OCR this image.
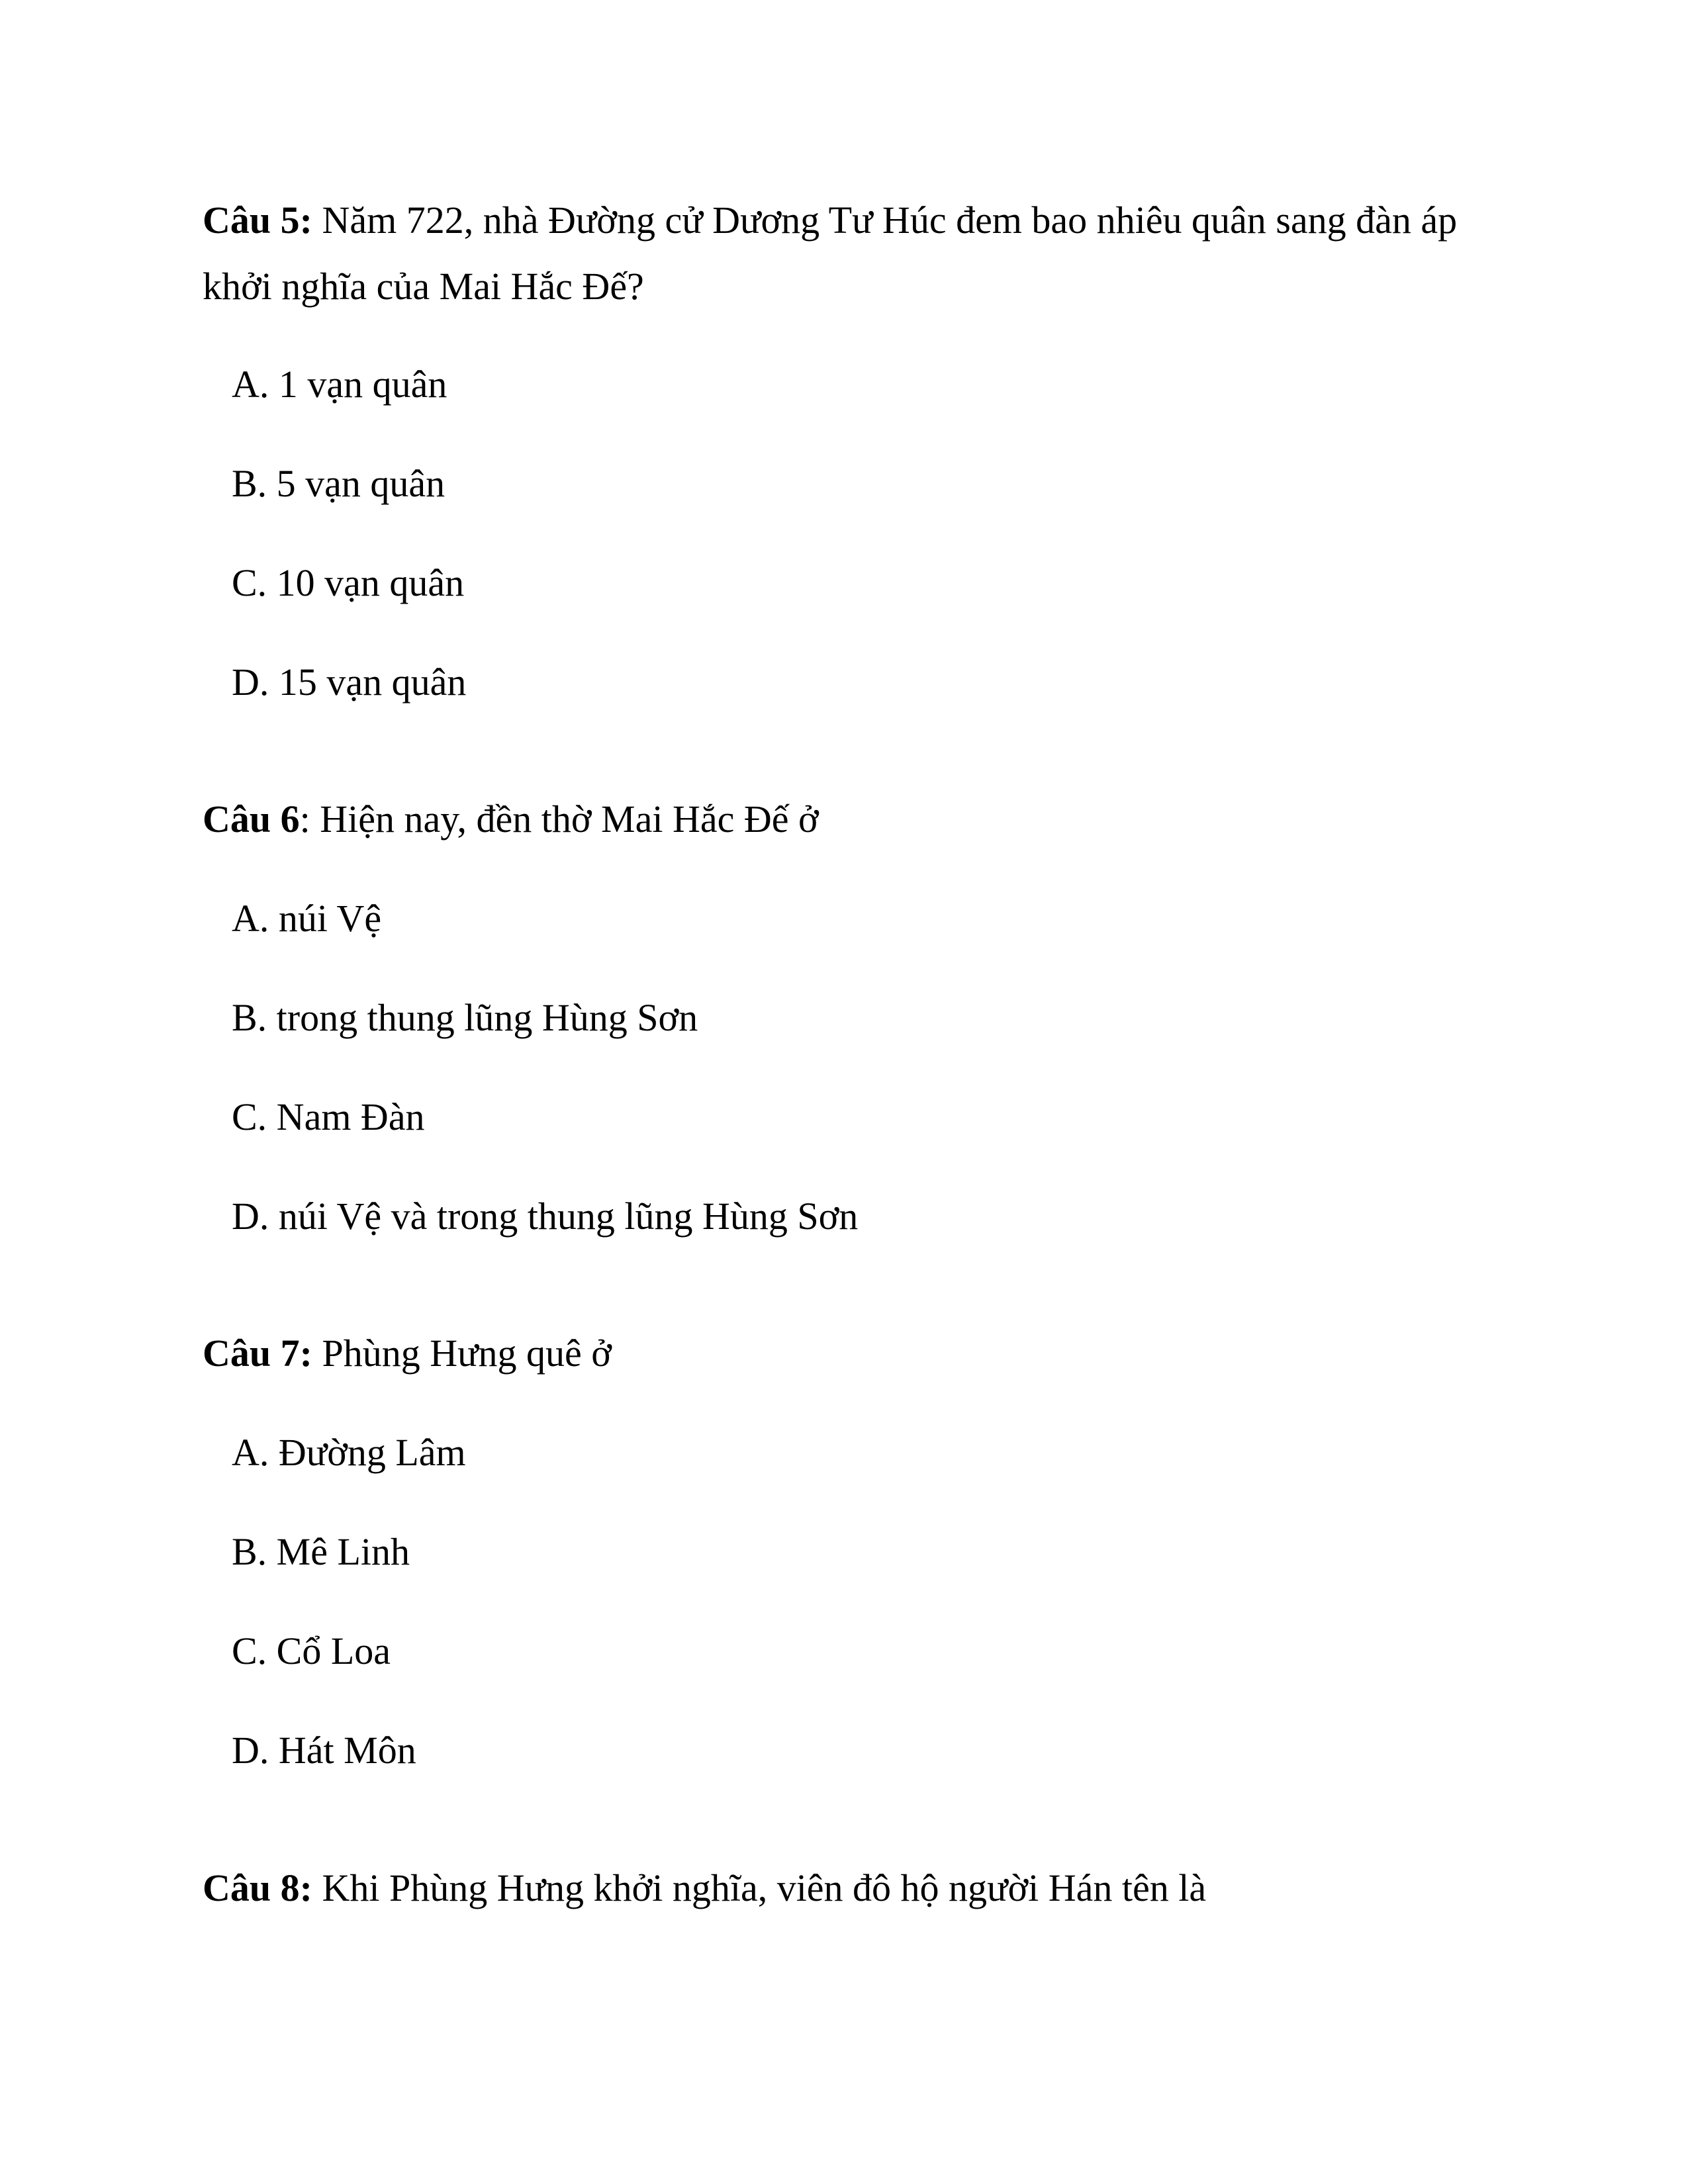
Câu 5: Năm 722, nhà Đường cử Dương Tư Húc đem bao nhiêu quân sang đàn áp

khởi nghĩa của Mai Hắc Đế?

A. 1 vạn quân

B. 5 vạn quân

C. 10 vạn quân

D. 15 vạn quân

Câu 6: Hiện nay, đền thờ Mai Hắc Đế ở

A. núi Vệ

B. trong thung lũng Hùng Sơn

C. Nam Đàn

D. núi Vệ và trong thung lũng Hùng Sơn

Câu 7: Phùng Hưng quê ở

A. Đường Lâm

B. Mê Linh

C. Cổ Loa

D. Hát Môn

Câu 8: Khi Phùng Hưng khởi nghĩa, viên đô hộ người Hán tên là
